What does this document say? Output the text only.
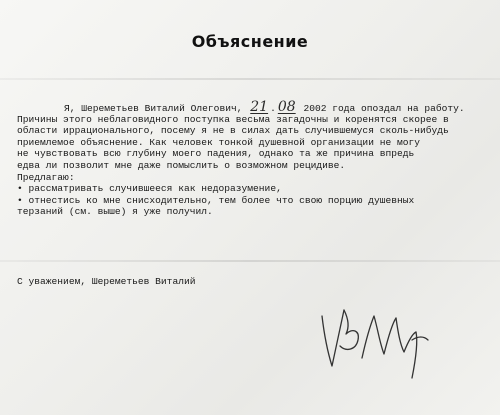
Объяснение
Я, Шереметьев Виталий Олегович, 21 . 08 2002 года опоздал на работу.
Причины этого неблаговидного поступка весьма загадочны и коренятся скорее в
области иррационального, посему я не в силах дать случившемуся сколь-нибудь
приемлемое объяснение. Как человек тонкой душевной организации не могу
не чувствовать всю глубину моего падения, однако та же причина впредь
едва ли позволит мне даже помыслить о возможном рецидиве.
Предлагаю:
• рассматривать случившееся как недоразумение,
• отнестись ко мне снисходительно, тем более что свою порцию душевных
терзаний (см. выше) я уже получил.
С уважением, Шереметьев Виталий
